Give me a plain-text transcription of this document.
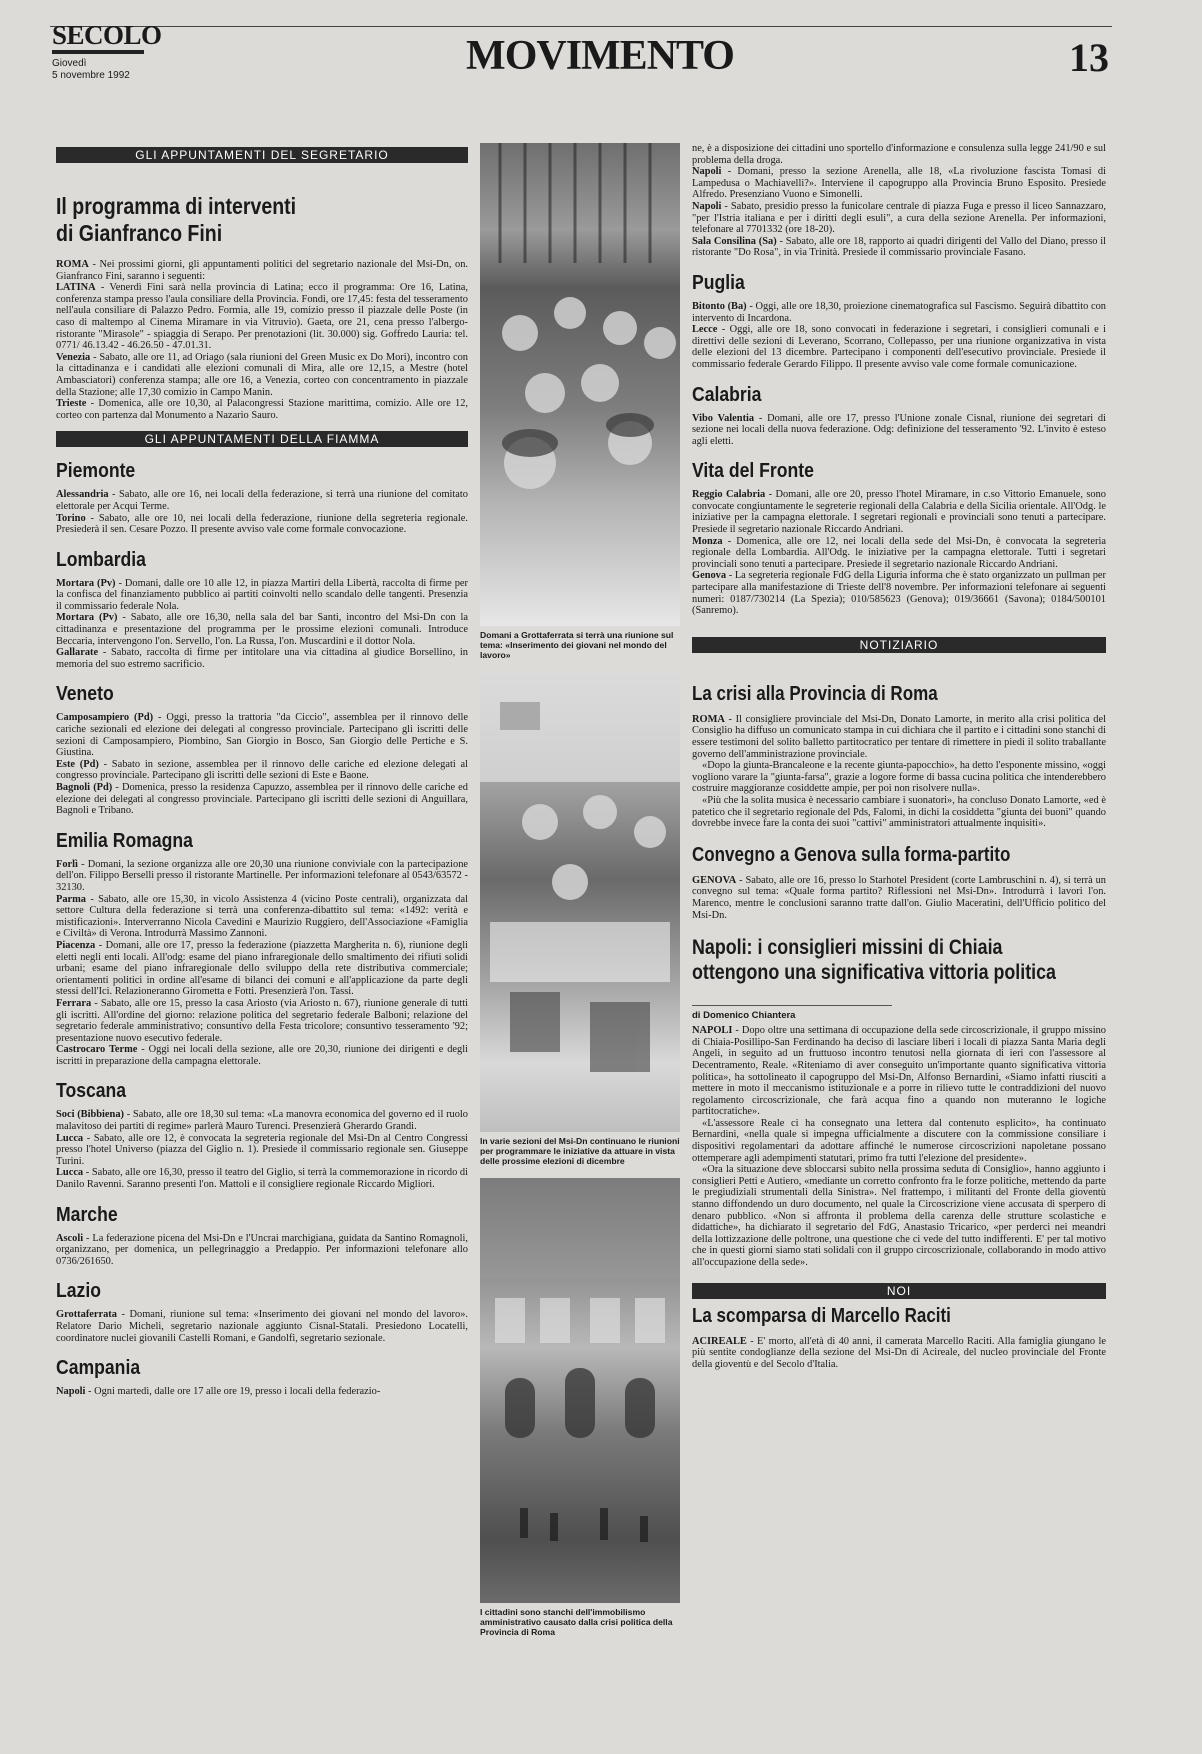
SECOLO
Giovedì
5 novembre 1992	MOVIMENTO	13
GLI APPUNTAMENTI DEL SEGRETARIO
Il programma di interventi di Gianfranco Fini

ROMA - Nei prossimi giorni, gli appuntamenti politici del segretario nazionale del Msi-Dn, on. Gianfranco Fini, saranno i seguenti:

LATINA - Venerdì Fini sarà nella provincia di Latina; ecco il programma: Ore 16, Latina, conferenza stampa presso l'aula consiliare della Provincia. Fondi, ore 17,45: festa del tesseramento nell'aula consiliare di Palazzo Pedro. Formia, alle 19, comizio presso il piazzale delle Poste (in caso di maltempo al Cinema Miramare in via Vitruvio). Gaeta, ore 21, cena presso l'albergo-ristorante "Mirasole" - spiaggia di Serapo. Per prenotazioni (lit. 30.000) sig. Goffredo Lauria: tel. 0771/ 46.13.42 - 46.26.50 - 47.01.31.

Venezia - Sabato, alle ore 11, ad Oriago (sala riunioni del Green Music ex Do Mori), incontro con la cittadinanza e i candidati alle elezioni comunali di Mira, alle ore 12,15, a Mestre (hotel Ambasciatori) conferenza stampa; alle ore 16, a Venezia, corteo con concentramento in piazzale della Stazione; alle 17,30 comizio in Campo Manin.

Trieste - Domenica, alle ore 10,30, al Palacongressi Stazione marittima, comizio. Alle ore 12, corteo con partenza dal Monumento a Nazario Sauro.

GLI APPUNTAMENTI DELLA FIAMMA
Piemonte

Alessandria - Sabato, alle ore 16, nei locali della federazione, si terrà una riunione del comitato elettorale per Acqui Terme.

Torino - Sabato, alle ore 10, nei locali della federazione, riunione della segreteria regionale. Presiederà il sen. Cesare Pozzo. Il presente avviso vale come formale convocazione.

Lombardia

Mortara (Pv) - Domani, dalle ore 10 alle 12, in piazza Martiri della Libertà, raccolta di firme per la confisca del finanziamento pubblico ai partiti coinvolti nello scandalo delle tangenti. Presenzia il commissario federale Nola.

Mortara (Pv) - Sabato, alle ore 16,30, nella sala del bar Santi, incontro del Msi-Dn con la cittadinanza e presentazione del programma per le prossime elezioni comunali. Introduce Beccaria, intervengono l'on. Servello, l'on. La Russa, l'on. Muscardini e il dottor Nola.

Gallarate - Sabato, raccolta di firme per intitolare una via cittadina al giudice Borsellino, in memoria del suo estremo sacrificio.

Veneto

Camposampiero (Pd) - Oggi, presso la trattoria "da Ciccio", assemblea per il rinnovo delle cariche sezionali ed elezione dei delegati al congresso provinciale. Partecipano gli iscritti delle sezioni di Camposampiero, Piombino, San Giorgio in Bosco, San Giorgio delle Pertiche e S. Giustina.

Este (Pd) - Sabato in sezione, assemblea per il rinnovo delle cariche ed elezione delegati al congresso provinciale. Partecipano gli iscritti delle sezioni di Este e Baone.

Bagnoli (Pd) - Domenica, presso la residenza Capuzzo, assemblea per il rinnovo delle cariche ed elezione dei delegati al congresso provinciale. Partecipano gli iscritti delle sezioni di Anguillara, Bagnoli e Tribano.

Emilia Romagna

Forlì - Domani, la sezione organizza alle ore 20,30 una riunione conviviale con la partecipazione dell'on. Filippo Berselli presso il ristorante Martinelle. Per informazioni telefonare al 0543/63572 - 32130.

Parma - Sabato, alle ore 15,30, in vicolo Assistenza 4 (vicino Poste centrali), organizzata dal settore Cultura della federazione si terrà una conferenza-dibattito sul tema: «1492: verità e mistificazioni». Interverranno Nicola Cavedini e Maurizio Ruggiero, dell'Associazione «Famiglia e Civiltà» di Verona. Introdurrà Massimo Zannoni.

Piacenza - Domani, alle ore 17, presso la federazione (piazzetta Margherita n. 6), riunione degli eletti negli enti locali. All'odg: esame del piano infraregionale dello smaltimento dei rifiuti solidi urbani; esame del piano infraregionale dello sviluppo della rete distributiva commerciale; orientamenti politici in ordine all'esame di bilanci dei comuni e all'applicazione da parte degli stessi dell'Ici. Relazioneranno Girometta e Fotti. Presenzierà l'on. Tassi.

Ferrara - Sabato, alle ore 15, presso la casa Ariosto (via Ariosto n. 67), riunione generale di tutti gli iscritti. All'ordine del giorno: relazione politica del segretario federale Balboni; relazione del segretario federale amministrativo; consuntivo della Festa tricolore; consuntivo tesseramento '92; presentazione nuovo esecutivo federale.

Castrocaro Terme - Oggi nei locali della sezione, alle ore 20,30, riunione dei dirigenti e degli iscritti in preparazione della campagna elettorale.

Toscana

Soci (Bibbiena) - Sabato, alle ore 18,30 sul tema: «La manovra economica del governo ed il ruolo malavitoso dei partiti di regime» parlerà Mauro Turenci. Presenzierà Gherardo Grandi.

Lucca - Sabato, alle ore 12, è convocata la segreteria regionale del Msi-Dn al Centro Congressi presso l'hotel Universo (piazza del Giglio n. 1). Presiede il commissario regionale sen. Giuseppe Turini.

Lucca - Sabato, alle ore 16,30, presso il teatro del Giglio, si terrà la commemorazione in ricordo di Danilo Ravenni. Saranno presenti l'on. Mattoli e il consigliere regionale Riccardo Migliori.

Marche

Ascoli - La federazione picena del Msi-Dn e l'Uncrai marchigiana, guidata da Santino Romagnoli, organizzano, per domenica, un pellegrinaggio a Predappio. Per informazioni telefonare allo 0736/261650.

Lazio

Grottaferrata - Domani, riunione sul tema: «Inserimento dei giovani nel mondo del lavoro». Relatore Dario Micheli, segretario nazionale aggiunto Cisnal-Statali. Presiedono Locatelli, coordinatore nuclei giovanili Castelli Romani, e Gandolfi, segretario sezionale.

Campania

Napoli - Ogni martedì, dalle ore 17 alle ore 19, presso i locali della federazio-

Domani a Grottaferrata si terrà una riunione sul tema: «Inserimento dei giovani nel mondo del lavoro»
In varie sezioni del Msi-Dn continuano le riunioni per programmare le iniziative da attuare in vista delle prossime elezioni di dicembre
I cittadini sono stanchi dell'immobilismo amministrativo causato dalla crisi politica della Provincia di Roma

ne, è a disposizione dei cittadini uno sportello d'informazione e consulenza sulla legge 241/90 e sul problema della droga.

Napoli - Domani, presso la sezione Arenella, alle 18, «La rivoluzione fascista Tomasi di Lampedusa o Machiavelli?». Interviene il capogruppo alla Provincia Bruno Esposito. Presiede Alfredo. Presenziano Vuono e Simonelli.

Napoli - Sabato, presidio presso la funicolare centrale di piazza Fuga e presso il liceo Sannazzaro, "per l'Istria italiana e per i diritti degli esuli", a cura della sezione Arenella. Per informazioni, telefonare al 7701332 (ore 18-20).

Sala Consilina (Sa) - Sabato, alle ore 18, rapporto ai quadri dirigenti del Vallo del Diano, presso il ristorante "Do Rosa", in via Trinità. Presiede il commissario provinciale Fasano.

Puglia

Bitonto (Ba) - Oggi, alle ore 18,30, proiezione cinematografica sul Fascismo. Seguirà dibattito con intervento di Incardona.

Lecce - Oggi, alle ore 18, sono convocati in federazione i segretari, i consiglieri comunali e i direttivi delle sezioni di Leverano, Scorrano, Collepasso, per una riunione organizzativa in vista delle elezioni del 13 dicembre. Partecipano i componenti dell'esecutivo provinciale. Presiede il commissario federale Gerardo Filippo. Il presente avviso vale come formale comunicazione.

Calabria

Vibo Valentia - Domani, alle ore 17, presso l'Unione zonale Cisnal, riunione dei segretari di sezione nei locali della nuova federazione. Odg: definizione del tesseramento '92. L'invito è esteso agli eletti.

Vita del Fronte

Reggio Calabria - Domani, alle ore 20, presso l'hotel Miramare, in c.so Vittorio Emanuele, sono convocate congiuntamente le segreterie regionali della Calabria e della Sicilia orientale. All'Odg. le iniziative per la campagna elettorale. I segretari regionali e provinciali sono tenuti a partecipare. Presiede il segretario nazionale Riccardo Andriani.

Monza - Domenica, alle ore 12, nei locali della sede del Msi-Dn, è convocata la segreteria regionale della Lombardia. All'Odg. le iniziative per la campagna elettorale. Tutti i segretari provinciali sono tenuti a partecipare. Presiede il segretario nazionale Riccardo Andriani.

Genova - La segreteria regionale FdG della Liguria informa che è stato organizzato un pullman per partecipare alla manifestazione di Trieste dell'8 novembre. Per informazioni telefonare ai seguenti numeri: 0187/730214 (La Spezia); 010/585623 (Genova); 019/36661 (Savona); 0184/500101 (Sanremo).

NOTIZIARIO
La crisi alla Provincia di Roma

ROMA - Il consigliere provinciale del Msi-Dn, Donato Lamorte, in merito alla crisi politica del Consiglio ha diffuso un comunicato stampa in cui dichiara che il partito e i cittadini sono stanchi di essere testimoni del solito balletto partitocratico per tentare di rimettere in piedi il solito traballante governo dell'amministrazione provinciale.

«Dopo la giunta-Brancaleone e la recente giunta-papocchio», ha detto l'esponente missino, «oggi vogliono varare la "giunta-farsa", grazie a logore forme di bassa cucina politica che intenderebbero costruire maggioranze cosiddette ampie, per poi non risolvere nulla».

«Più che la solita musica è necessario cambiare i suonatori», ha concluso Donato Lamorte, «ed è patetico che il segretario regionale del Pds, Falomi, in dichi la cosiddetta "giunta dei buoni" quando dovrebbe invece fare la conta dei suoi "cattivi" amministratori attualmente inquisiti».

Convegno a Genova sulla forma-partito

GENOVA - Sabato, alle ore 16, presso lo Starhotel President (corte Lambruschini n. 4), si terrà un convegno sul tema: «Quale forma partito? Riflessioni nel Msi-Dn». Introdurrà i lavori l'on. Marenco, mentre le conclusioni saranno tratte dall'on. Giulio Maceratini, dell'Ufficio politico del Msi-Dn.

Napoli: i consiglieri missini di Chiaia ottengono una significativa vittoria politica
di Domenico Chiantera

NAPOLI - Dopo oltre una settimana di occupazione della sede circoscrizionale, il gruppo missino di Chiaia-Posillipo-San Ferdinando ha deciso di lasciare liberi i locali di piazza Santa Maria degli Angeli, in seguito ad un fruttuoso incontro tenutosi nella giornata di ieri con l'assessore al Decentramento, Reale. «Riteniamo di aver conseguito un'importante quanto significativa vittoria politica», ha sottolineato il capogruppo del Msi-Dn, Alfonso Bernardini, «Siamo infatti riusciti a mettere in moto il meccanismo istituzionale e a porre in rilievo tutte le contraddizioni del nuovo regolamento circoscrizionale, che farà acqua fino a quando non muteranno le logiche partitocratiche».

«L'assessore Reale ci ha consegnato una lettera dal contenuto esplicito», ha continuato Bernardini, «nella quale si impegna ufficialmente a discutere con la commissione consiliare i dispositivi regolamentari da adottare affinché le numerose circoscrizioni napoletane possano ottemperare agli adempimenti statutari, primo fra tutti l'elezione del presidente».

«Ora la situazione deve sbloccarsi subito nella prossima seduta di Consiglio», hanno aggiunto i consiglieri Petti e Autiero, «mediante un corretto confronto fra le forze politiche, mettendo da parte le pregiudiziali strumentali della Sinistra». Nel frattempo, i militanti del Fronte della gioventù stanno diffondendo un duro documento, nel quale la Circoscrizione viene accusata di sperpero di denaro pubblico. «Non si affronta il problema della carenza delle strutture scolastiche e didattiche», ha dichiarato il segretario del FdG, Anastasio Tricarico, «per perderci nei meandri della lottizzazione delle poltrone, una questione che ci vede del tutto indifferenti. E' per tal motivo che in questi giorni siamo stati solidali con il gruppo circoscrizionale, collaborando in modo attivo all'occupazione della sede».

NOI
La scomparsa di Marcello Raciti

ACIREALE - E' morto, all'età di 40 anni, il camerata Marcello Raciti. Alla famiglia giungano le più sentite condoglianze della sezione del Msi-Dn di Acireale, del nucleo provinciale del Fronte della gioventù e del Secolo d'Italia.
